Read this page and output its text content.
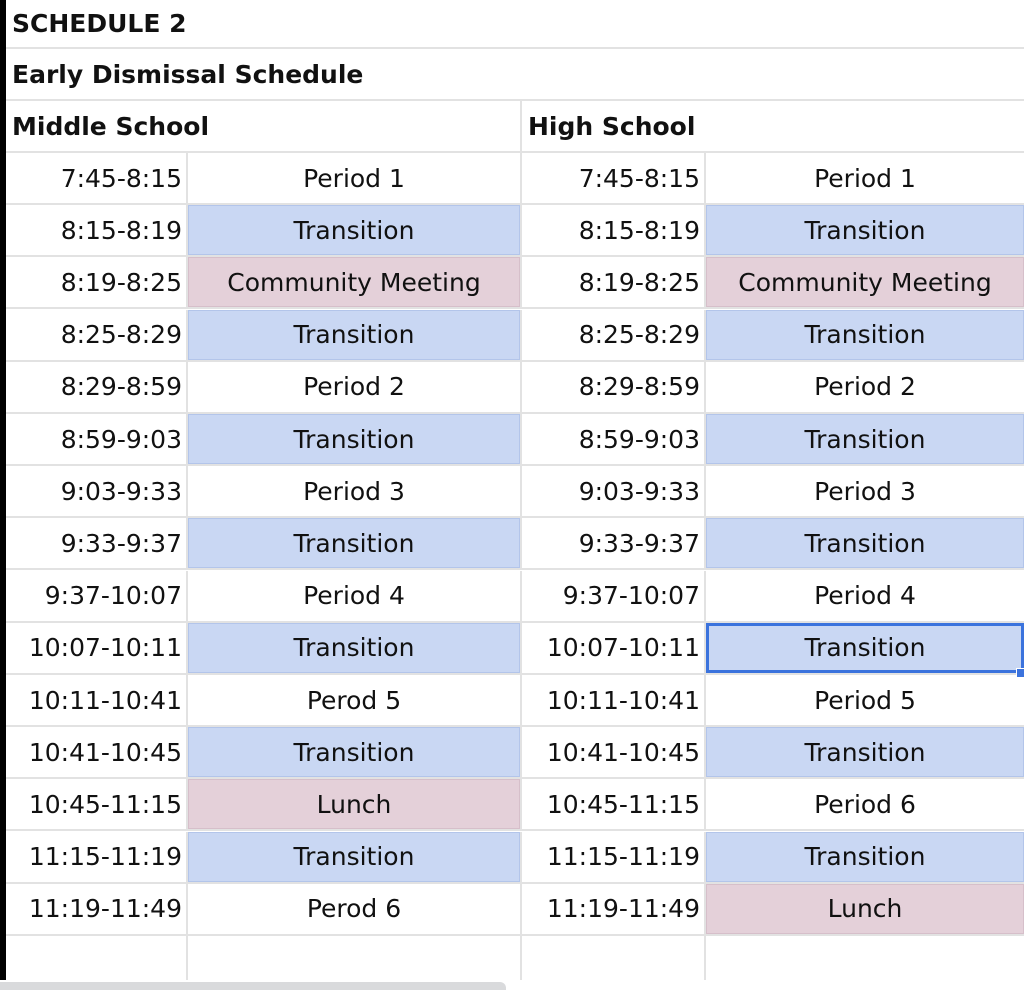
SCHEDULE 2
Early Dismissal Schedule
Middle School	High School
7:45-8:15	Period 1	7:45-8:15	Period 1
8:15-8:19	Transition	8:15-8:19	Transition
8:19-8:25	Community Meeting	8:19-8:25	Community Meeting
8:25-8:29	Transition	8:25-8:29	Transition
8:29-8:59	Period 2	8:29-8:59	Period 2
8:59-9:03	Transition	8:59-9:03	Transition
9:03-9:33	Period 3	9:03-9:33	Period 3
9:33-9:37	Transition	9:33-9:37	Transition
9:37-10:07	Period 4	9:37-10:07	Period 4
10:07-10:11	Transition	10:07-10:11	Transition
10:11-10:41	Perod 5	10:11-10:41	Period 5
10:41-10:45	Transition	10:41-10:45	Transition
10:45-11:15	Lunch	10:45-11:15	Period 6
11:15-11:19	Transition	11:15-11:19	Transition
11:19-11:49	Perod 6	11:19-11:49	Lunch
